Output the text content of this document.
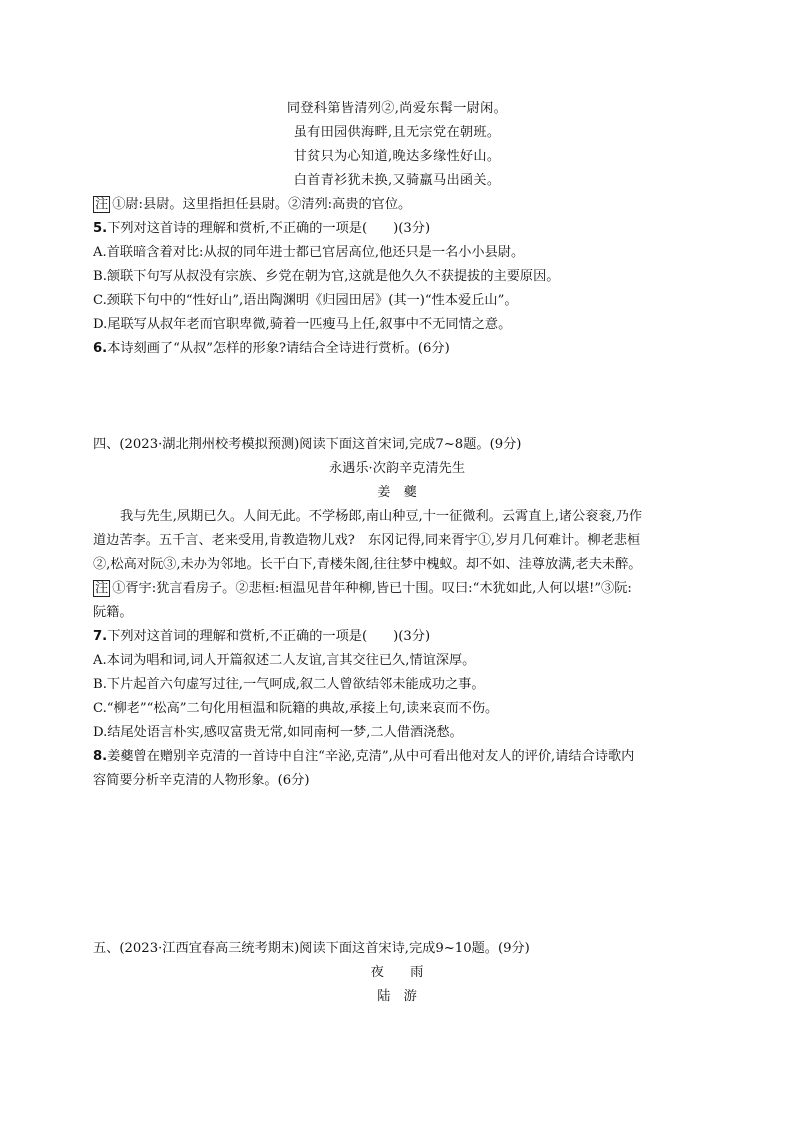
同登科第皆清列②,尚爱东髯一尉闲。
虽有田园供海畔,且无宗党在朝班。
甘贫只为心知道,晚达多缘性好山。
白首青衫犹未换,又骑羸马出函关。
注 ①尉:县尉。这里指担任县尉。②清列:高贵的官位。
5.下列对这首诗的理解和赏析,不正确的一项是( )(3分)
A.首联暗含着对比:从叔的同年进士都已官居高位,他还只是一名小小县尉。
B.颔联下句写从叔没有宗族、乡党在朝为官,这就是他久久不获提拔的主要原因。
C.颈联下句中的“性好山”,语出陶渊明《归园田居》(其一)“性本爱丘山”。
D.尾联写从叔年老而官职卑微,骑着一匹瘦马上任,叙事中不无同情之意。
6.本诗刻画了“从叔”怎样的形象?请结合全诗进行赏析。(6分)
四、(2023·湖北荆州校考模拟预测)阅读下面这首宋词,完成7~8题。(9分)
永遇乐·次韵辛克清先生
姜　夔
我与先生,夙期已久。人间无此。不学杨郎,南山种豆,十一征微利。云霄直上,诸公衮衮,乃作
道边苦李。五千言、老来受用,肯教造物儿戏?　东冈记得,同来胥宇①,岁月几何难计。柳老悲桓
②,松高对阮③,未办为邻地。长干白下,青楼朱阁,往往梦中槐蚁。却不如、洼尊放满,老夫未醉。
注 ①胥宇:犹言看房子。②悲桓:桓温见昔年种柳,皆已十围。叹曰:“木犹如此,人何以堪!”③阮:
阮籍。
7.下列对这首词的理解和赏析,不正确的一项是( )(3分)
A.本词为唱和词,词人开篇叙述二人友谊,言其交往已久,情谊深厚。
B.下片起首六句虚写过往,一气呵成,叙二人曾欲结邻未能成功之事。
C.“柳老”“松高”二句化用桓温和阮籍的典故,承接上句,读来哀而不伤。
D.结尾处语言朴实,感叹富贵无常,如同南柯一梦,二人借酒浇愁。
8.姜夔曾在赠别辛克清的一首诗中自注“辛泌,克清”,从中可看出他对友人的评价,请结合诗歌内
容简要分析辛克清的人物形象。(6分)
五、(2023·江西宜春高三统考期末)阅读下面这首宋诗,完成9~10题。(9分)
夜　　雨
陆　游
